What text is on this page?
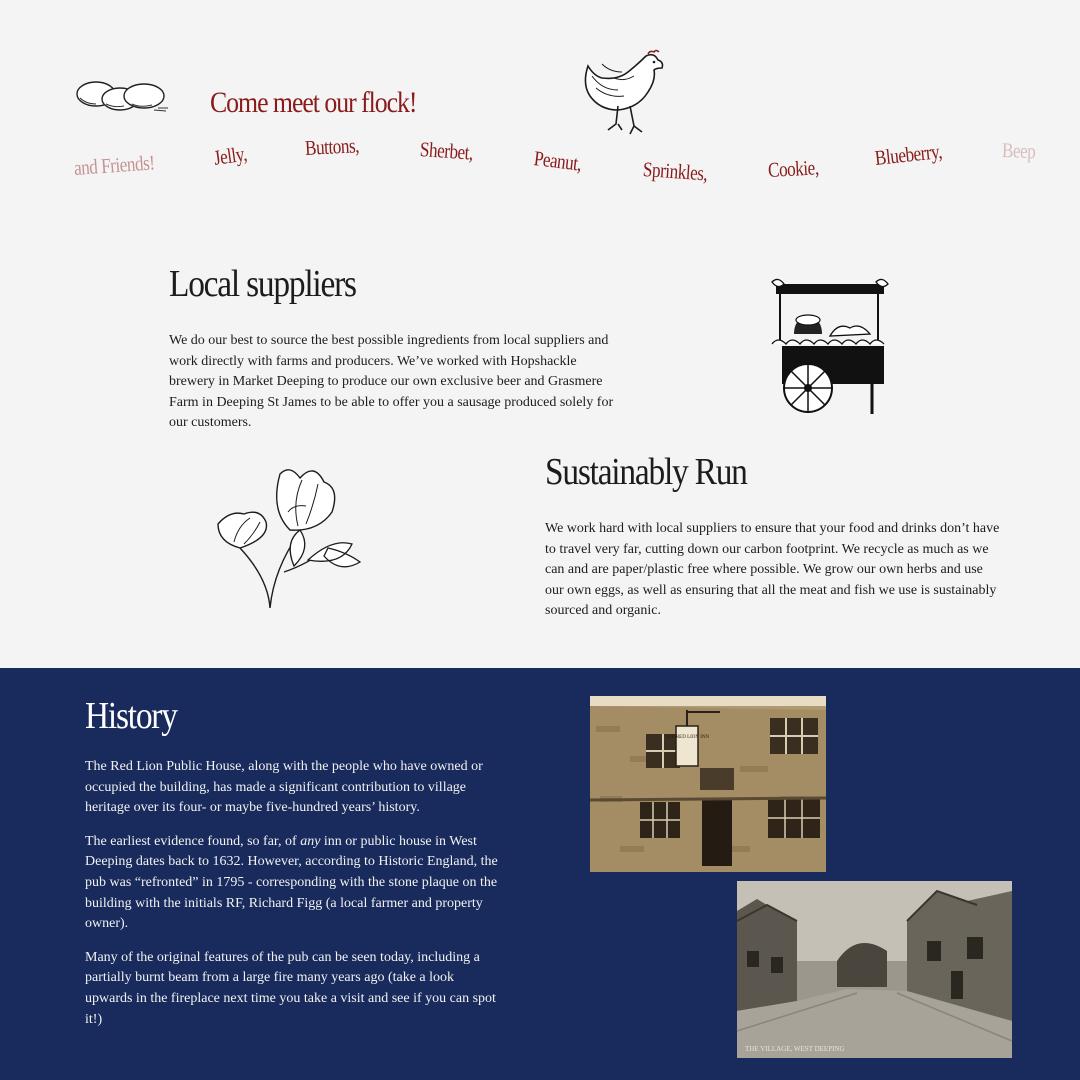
Come meet our flock!
and Friends!	Jelly,	Buttons,	Sherbet,	Peanut,	Sprinkles,	Cookie,	Blueberry,	Beep
Local suppliers

We do our best to source the best possible ingredients from local suppliers and work directly with farms and producers. We’ve worked with Hopshackle brewery in Market Deeping to produce our own exclusive beer and Grasmere Farm in Deeping St James to be able to offer you a sausage produced solely for our customers.

Sustainably Run

We work hard with local suppliers to ensure that your food and drinks don’t have to travel very far, cutting down our carbon footprint. We recycle as much as we can and are paper/plastic free where possible. We grow our own herbs and use our own eggs, as well as ensuring that all the meat and fish we use is sustainably sourced and organic.

History

The Red Lion Public House, along with the people who have owned or occupied the building, has made a significant contribution to village heritage over its four- or maybe five-hundred years’ history.

The earliest evidence found, so far, of any inn or public house in West Deeping dates back to 1632. However, according to Historic England, the pub was “refronted” in 1795 - corresponding with the stone plaque on the building with the initials RF, Richard Figg (a local farmer and property owner).

Many of the original features of the pub can be seen today, including a partially burnt beam from a large fire many years ago (take a look upwards in the fireplace next time you take a visit and see if you can spot it!)

THE RED LION INN
THE VILLAGE, WEST DEEPING
